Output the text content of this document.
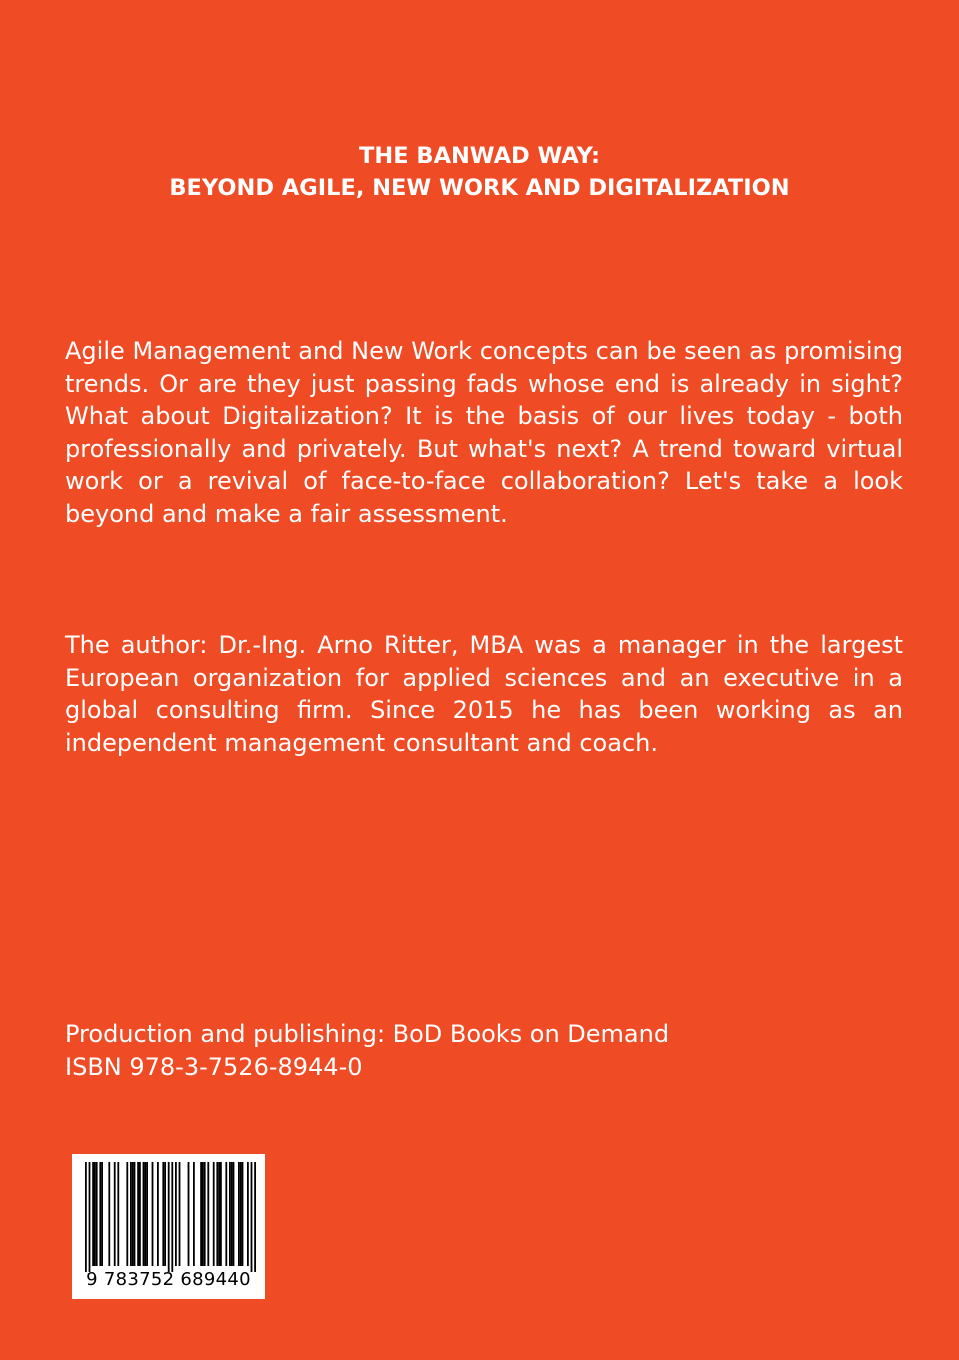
THE BANWAD WAY:
BEYOND AGILE, NEW WORK AND DIGITALIZATION
Agile Management and New Work concepts can be seen as promising trends. Or are they just passing fads whose end is already in sight? What about Digitalization? It is the basis of our lives today - both professionally and privately. But what's next? A trend toward virtual work or a revival of face-to-face collaboration? Let's take a look beyond and make a fair assessment.
The author: Dr.-Ing. Arno Ritter, MBA was a manager in the largest European organization for applied sciences and an executive in a global consulting firm. Since 2015 he has been working as an independent management consultant and coach.
Production and publishing: BoD Books on Demand
ISBN 978-3-7526-8944-0
9 783752 689440
